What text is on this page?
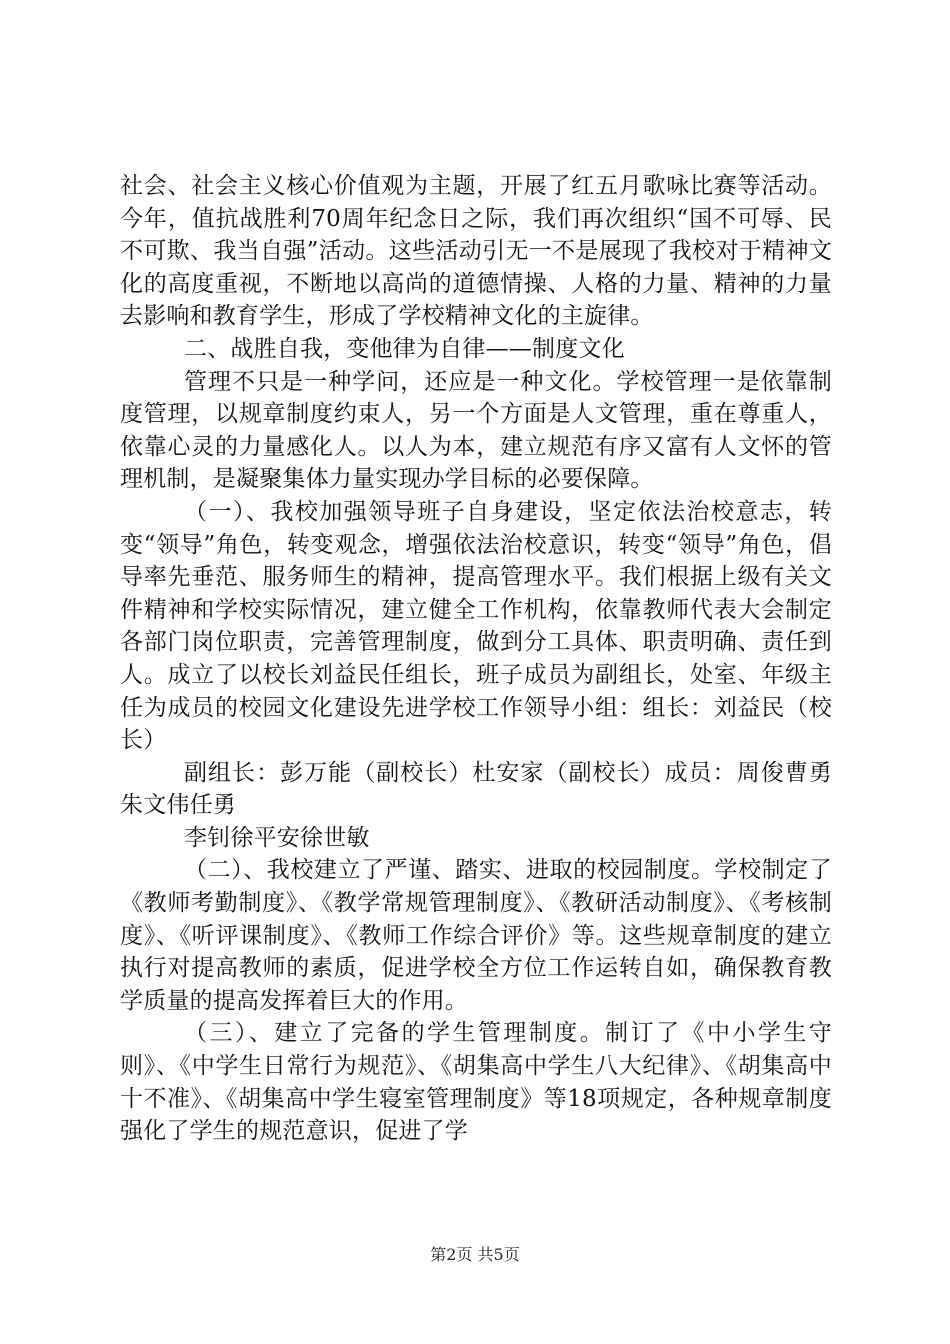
社会、社会主义核心价值观为主题，开展了红五月歌咏比赛等活动。今年，值抗战胜利70周年纪念日之际，我们再次组织“国不可辱、民不可欺、我当自强”活动。这些活动引无一不是展现了我校对于精神文化的高度重视，不断地以高尚的道德情操、人格的力量、精神的力量去影响和教育学生，形成了学校精神文化的主旋律。

二、战胜自我，变他律为自律——制度文化

管理不只是一种学问，还应是一种文化。学校管理一是依靠制度管理，以规章制度约束人，另一个方面是人文管理，重在尊重人，依靠心灵的力量感化人。以人为本，建立规范有序又富有人文怀的管理机制，是凝聚集体力量实现办学目标的必要保障。

（一）、我校加强领导班子自身建设，坚定依法治校意志，转变“领导”角色，转变观念，增强依法治校意识，转变“领导”角色，倡导率先垂范、服务师生的精神，提高管理水平。我们根据上级有关文件精神和学校实际情况，建立健全工作机构，依靠教师代表大会制定各部门岗位职责，完善管理制度，做到分工具体、职责明确、责任到人。成立了以校长刘益民任组长，班子成员为副组长，处室、年级主任为成员的校园文化建设先进学校工作领导小组：组长：刘益民（校长）

副组长：彭万能（副校长）杜安家（副校长）成员：周俊曹勇朱文伟任勇

李钊徐平安徐世敏

（二）、我校建立了严谨、踏实、进取的校园制度。学校制定了《教师考勤制度》、《教学常规管理制度》、《教研活动制度》、《考核制度》、《听评课制度》、《教师工作综合评价》等。这些规章制度的建立执行对提高教师的素质，促进学校全方位工作运转自如，确保教育教学质量的提高发挥着巨大的作用。

（三）、建立了完备的学生管理制度。制订了《中小学生守则》、《中学生日常行为规范》、《胡集高中学生八大纪律》、《胡集高中十不准》、《胡集高中学生寝室管理制度》等18项规定，各种规章制度强化了学生的规范意识，促进了学

第2页 共5页
